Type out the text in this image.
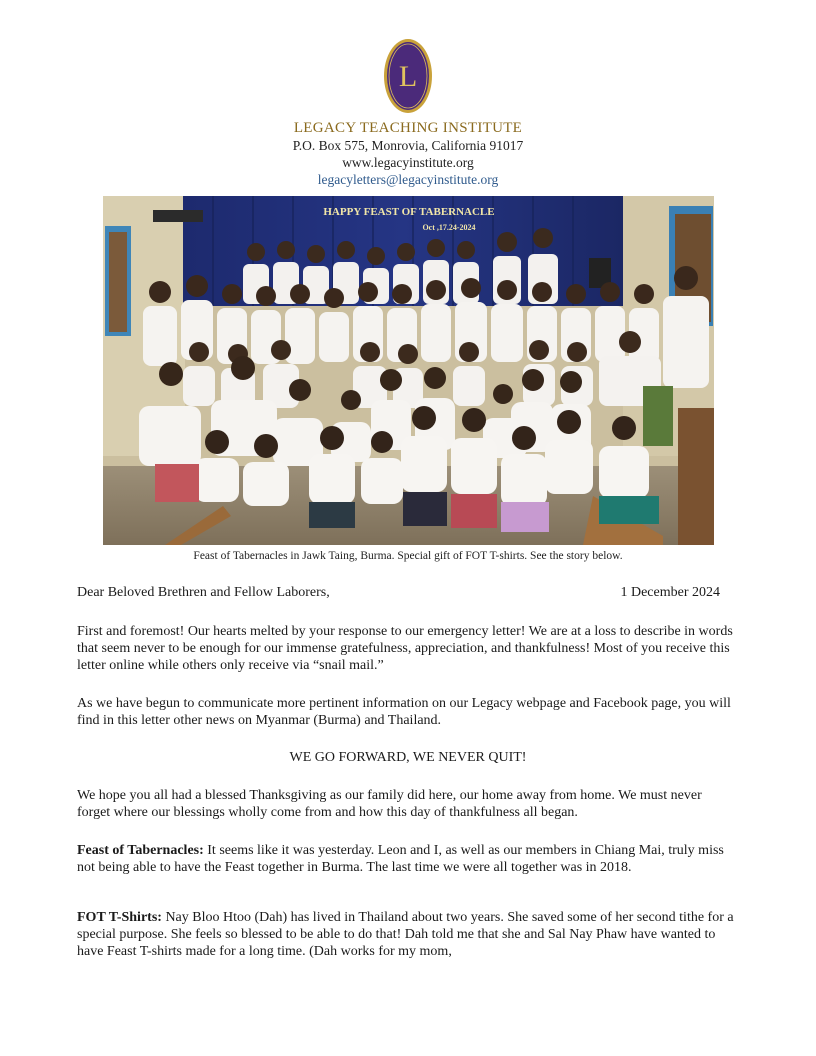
L
LEGACY TEACHING INSTITUTE
P.O. Box 575, Monrovia, California 91017
www.legacyinstitute.org
legacyletters@legacyinstitute.org
HAPPY FEAST OF TABERNACLE
Oct ,17.24-2024
Feast of Tabernacles in Jawk Taing, Burma. Special gift of FOT T-shirts. See the story below.
Dear Beloved Brethren and Fellow Laborers,	1 December 2024
First and foremost! Our hearts melted by your response to our emergency letter! We are at a loss to describe in words that seem never to be enough for our immense gratefulness, appreciation, and thankfulness! Most of you receive this letter online while others only receive via “snail mail.”
As we have begun to communicate more pertinent information on our Legacy webpage and Facebook page, you will find in this letter other news on Myanmar (Burma) and Thailand.
WE GO FORWARD, WE NEVER QUIT!
We hope you all had a blessed Thanksgiving as our family did here, our home away from home. We must never forget where our blessings wholly come from and how this day of thankfulness all began.
Feast of Tabernacles: It seems like it was yesterday. Leon and I, as well as our members in Chiang Mai, truly miss not being able to have the Feast together in Burma. The last time we were all together was in 2018.
FOT T-Shirts: Nay Bloo Htoo (Dah) has lived in Thailand about two years. She saved some of her second tithe for a special purpose. She feels so blessed to be able to do that! Dah told me that she and Sal Nay Phaw have wanted to have Feast T-shirts made for a long time. (Dah works for my mom,
